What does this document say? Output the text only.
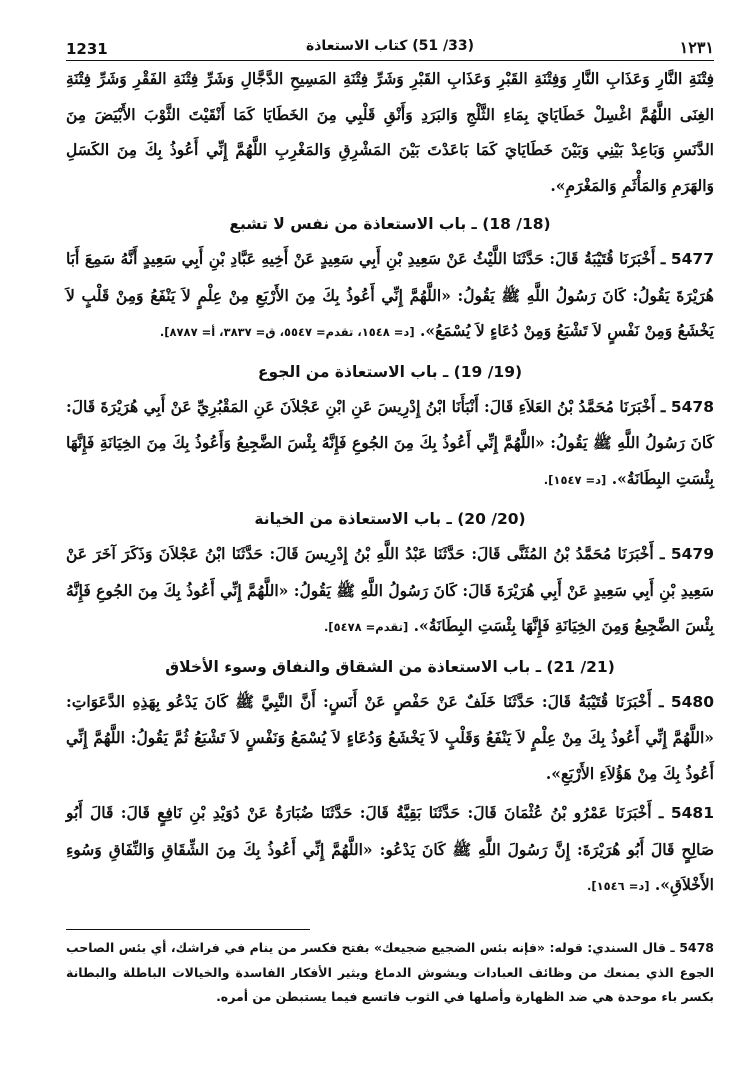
1231	(33/ 51) كتاب الاستعاذة	١٢٣١

فِتْنَةِ النَّارِ وَعَذَابِ النَّارِ وَفِتْنَةِ القَبْرِ وَعَذَابِ القَبْرِ وَشَرِّ فِتْنَةِ المَسِيحِ الدَّجَّالِ وَشَرِّ فِتْنَةِ الفَقْرِ وَشَرِّ فِتْنَةِ الغِنَى اللَّهُمَّ اغْسِلْ خَطَايَايَ بِمَاءِ الثَّلْجِ وَالبَرَدِ وَأَنْقِ قَلْبِي مِنَ الخَطَايَا كَمَا أَنْقَيْتَ الثَّوْبَ الأَبْيَضَ مِنَ الدَّنَسِ وَبَاعِدْ بَيْنِي وَبَيْنَ خَطَايَايَ كَمَا بَاعَدْتَ بَيْنَ المَشْرِقِ وَالمَغْرِبِ اللَّهُمَّ إِنِّي أَعُوذُ بِكَ مِنَ الكَسَلِ وَالهَرَمِ وَالمَأْثَمِ وَالمَغْرَمِ».

(18/ 18) ـ باب الاستعاذة من نفس لا تشبع

5477 ـ أَخْبَرَنَا قُتَيْبَةُ قَالَ: حَدَّثَنَا اللَّيْثُ عَنْ سَعِيدِ بْنِ أَبِي سَعِيدٍ عَنْ أَخِيهِ عَبَّادِ بْنِ أَبِي سَعِيدٍ أَنَّهُ سَمِعَ أَبَا هُرَيْرَةَ يَقُولُ: كَانَ رَسُولُ اللَّهِ ﷺ يَقُولُ: «اللَّهُمَّ إِنِّي أَعُوذُ بِكَ مِنَ الأَرْبَعِ مِنْ عِلْمٍ لاَ يَنْفَعُ وَمِنْ قَلْبٍ لاَ يَخْشَعُ وَمِنْ نَفْسٍ لاَ تَشْبَعُ وَمِنْ دُعَاءٍ لاَ يُسْمَعُ». [د= ١٥٤٨، تقدم= ٥٥٤٧، ق= ٣٨٣٧، أ= ٨٧٨٧].

(19/ 19) ـ باب الاستعاذة من الجوع

5478 ـ أَخْبَرَنَا مُحَمَّدُ بْنُ العَلاَءِ قَالَ: أَنْبَأَنَا ابْنُ إِدْرِيسَ عَنِ ابْنِ عَجْلاَنَ عَنِ المَقْبُرِيِّ عَنْ أَبِي هُرَيْرَةَ قَالَ: كَانَ رَسُولُ اللَّهِ ﷺ يَقُولُ: «اللَّهُمَّ إِنِّي أَعُوذُ بِكَ مِنَ الجُوعِ فَإِنَّهُ بِئْسَ الضَّجِيعُ وَأَعُوذُ بِكَ مِنَ الخِيَانَةِ فَإِنَّهَا بِئْسَتِ البِطَانَةُ». [د= ١٥٤٧].

(20/ 20) ـ باب الاستعاذة من الخيانة

5479 ـ أَخْبَرَنَا مُحَمَّدُ بْنُ المُثَنَّى قَالَ: حَدَّثَنَا عَبْدُ اللَّهِ بْنُ إِدْرِيسَ قَالَ: حَدَّثَنَا ابْنُ عَجْلاَنَ وَذَكَرَ آخَرَ عَنْ سَعِيدِ بْنِ أَبِي سَعِيدٍ عَنْ أَبِي هُرَيْرَةَ قَالَ: كَانَ رَسُولُ اللَّهِ ﷺ يَقُولُ: «اللَّهُمَّ إِنِّي أَعُوذُ بِكَ مِنَ الجُوعِ فَإِنَّهُ بِئْسَ الضَّجِيعُ وَمِنَ الخِيَانَةِ فَإِنَّهَا بِئْسَتِ البِطَانَةُ». [تقدم= ٥٤٧٨].

(21/ 21) ـ باب الاستعاذة من الشقاق والنفاق وسوء الأخلاق

5480 ـ أَخْبَرَنَا قُتَيْبَةُ قَالَ: حَدَّثَنَا خَلَفٌ عَنْ حَفْصٍ عَنْ أَنَسٍ: أَنَّ النَّبِيَّ ﷺ كَانَ يَدْعُو بِهَذِهِ الدَّعَوَاتِ: «اللَّهُمَّ إِنِّي أَعُوذُ بِكَ مِنْ عِلْمٍ لاَ يَنْفَعُ وَقَلْبٍ لاَ يَخْشَعُ وَدُعَاءٍ لاَ يُسْمَعُ وَنَفْسٍ لاَ تَشْبَعُ ثُمَّ يَقُولُ: اللَّهُمَّ إِنِّي أَعُوذُ بِكَ مِنْ هَؤُلاَءِ الأَرْبَعِ».

5481 ـ أَخْبَرَنَا عَمْرُو بْنُ عُثْمَانَ قَالَ: حَدَّثَنَا بَقِيَّةُ قَالَ: حَدَّثَنَا ضُبَارَةُ عَنْ دُوَيْدِ بْنِ نَافِعٍ قَالَ: قَالَ أَبُو صَالِحٍ قَالَ أَبُو هُرَيْرَةَ: إِنَّ رَسُولَ اللَّهِ ﷺ كَانَ يَدْعُو: «اللَّهُمَّ إِنِّي أَعُوذُ بِكَ مِنَ الشِّقَاقِ وَالنِّفَاقِ وَسُوءِ الأَخْلاَقِ». [د= ١٥٤٦].

5478 ـ قال السندي: قوله: «فإنه بئس الضجيع ضجيعك» بفتح فكسر من ينام في فراشك، أي بئس الصاحب الجوع الذي يمنعك من وظائف العبادات ويشوش الدماغ ويثير الأفكار الفاسدة والخيالات الباطلة والبطانة بكسر باء موحدة هي ضد الظهارة وأصلها في الثوب فاتسع فيما يستبطن من أمره.
